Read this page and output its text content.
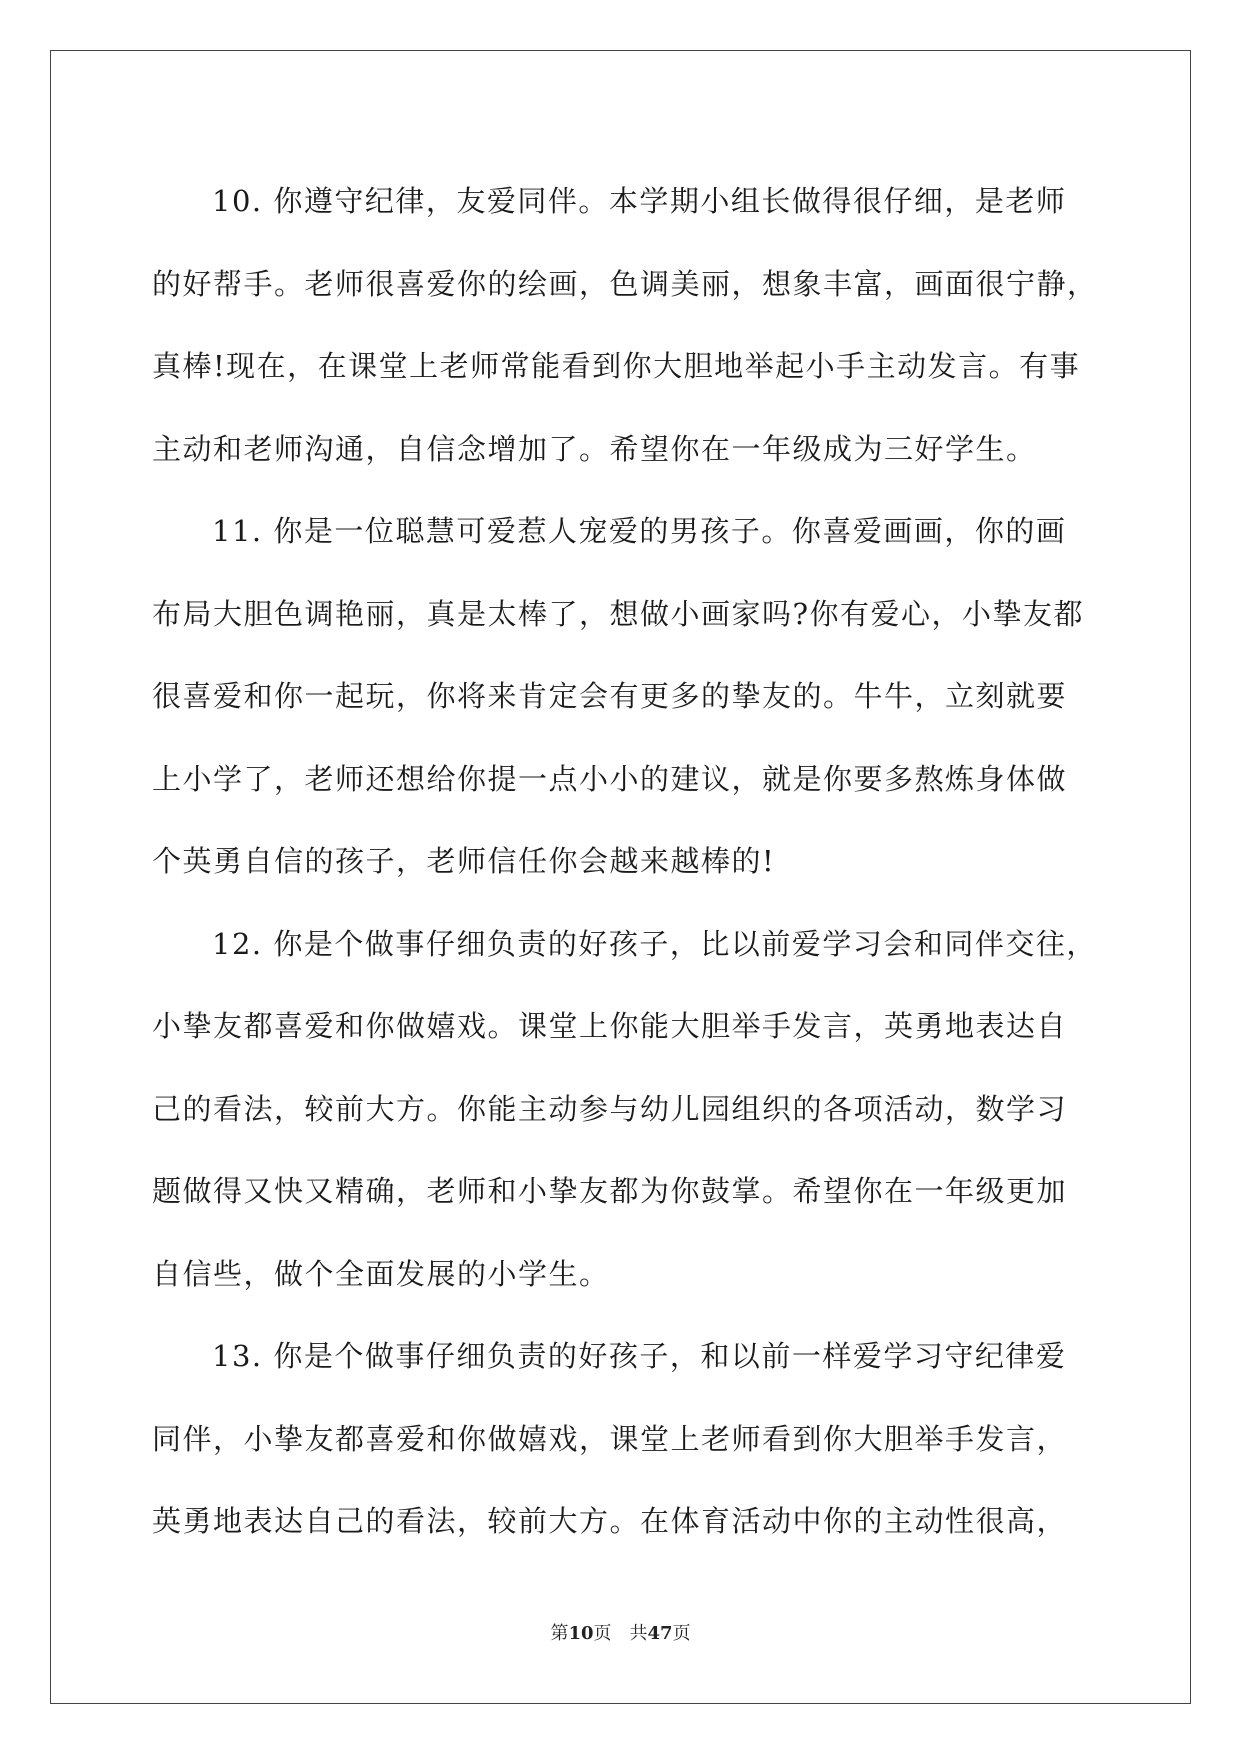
10. 你遵守纪律，友爱同伴。本学期小组长做得很仔细，是老师
的好帮手。老师很喜爱你的绘画，色调美丽，想象丰富，画面很宁静，
真棒!现在，在课堂上老师常能看到你大胆地举起小手主动发言。有事
主动和老师沟通，自信念增加了。希望你在一年级成为三好学生。
11. 你是一位聪慧可爱惹人宠爱的男孩子。你喜爱画画，你的画
布局大胆色调艳丽，真是太棒了，想做小画家吗?你有爱心，小挚友都
很喜爱和你一起玩，你将来肯定会有更多的挚友的。牛牛，立刻就要
上小学了，老师还想给你提一点小小的建议，就是你要多熬炼身体做
个英勇自信的孩子，老师信任你会越来越棒的!
12. 你是个做事仔细负责的好孩子，比以前爱学习会和同伴交往，
小挚友都喜爱和你做嬉戏。课堂上你能大胆举手发言，英勇地表达自
己的看法，较前大方。你能主动参与幼儿园组织的各项活动，数学习
题做得又快又精确，老师和小挚友都为你鼓掌。希望你在一年级更加
自信些，做个全面发展的小学生。
13. 你是个做事仔细负责的好孩子，和以前一样爱学习守纪律爱
同伴，小挚友都喜爱和你做嬉戏，课堂上老师看到你大胆举手发言，
英勇地表达自己的看法，较前大方。在体育活动中你的主动性很高，
第10页 共47页
